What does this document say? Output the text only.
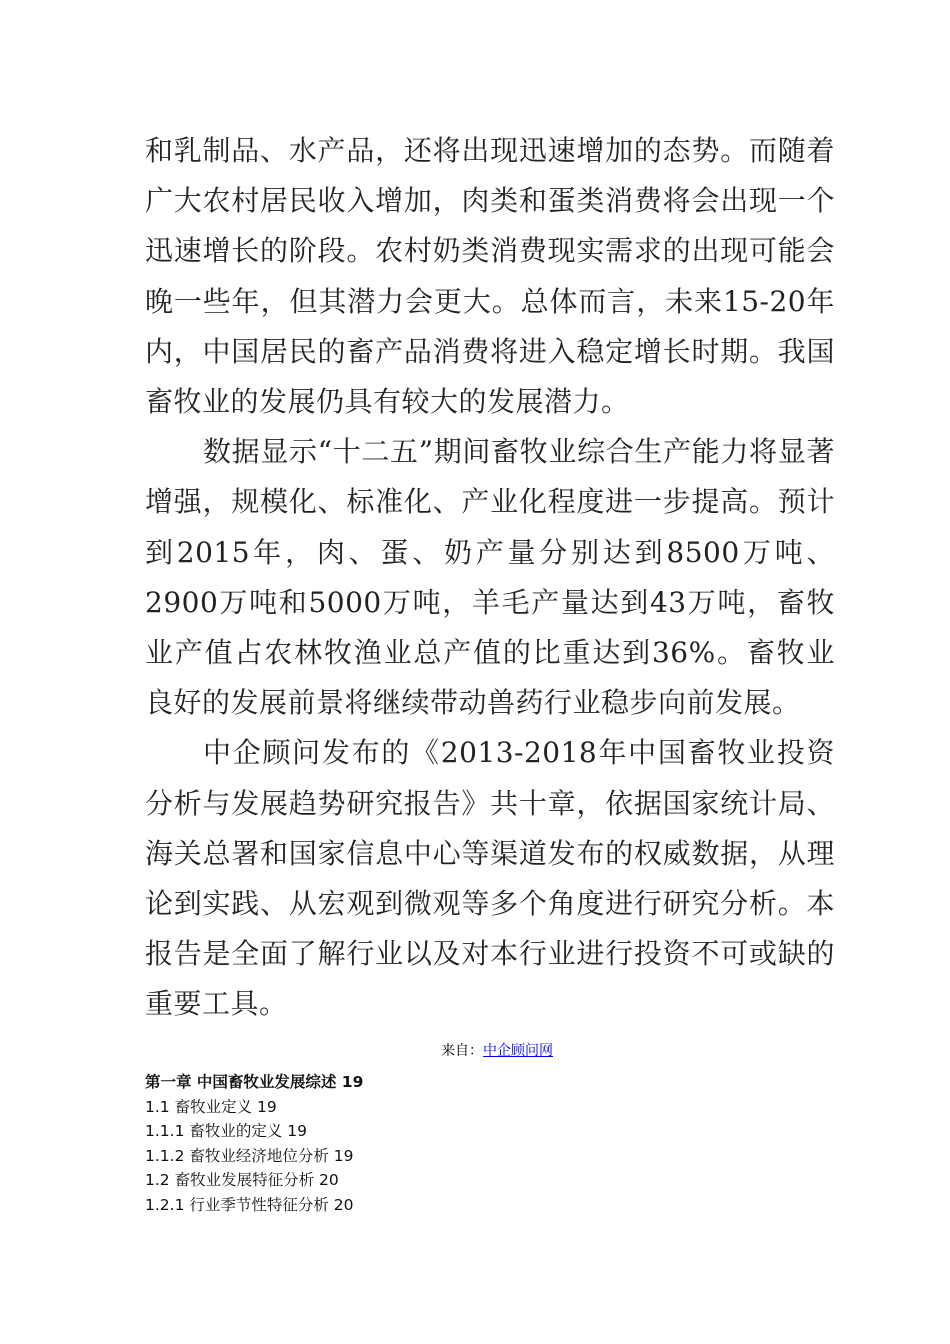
和乳制品、水产品，还将出现迅速增加的态势。而随着广大农村居民收入增加，肉类和蛋类消费将会出现一个迅速增长的阶段。农村奶类消费现实需求的出现可能会晚一些年，但其潜力会更大。总体而言，未来15-20年内，中国居民的畜产品消费将进入稳定增长时期。我国畜牧业的发展仍具有较大的发展潜力。

数据显示“十二五”期间畜牧业综合生产能力将显著增强，规模化、标准化、产业化程度进一步提高。预计到2015年，肉、蛋、奶产量分别达到8500万吨、2900万吨和5000万吨，羊毛产量达到43万吨，畜牧业产值占农林牧渔业总产值的比重达到36%。畜牧业良好的发展前景将继续带动兽药行业稳步向前发展。

中企顾问发布的《2013-2018年中国畜牧业投资分析与发展趋势研究报告》共十章，依据国家统计局、海关总署和国家信息中心等渠道发布的权威数据，从理论到实践、从宏观到微观等多个角度进行研究分析。本报告是全面了解行业以及对本行业进行投资不可或缺的重要工具。

来自：中企顾问网
第一章 中国畜牧业发展综述 19
1.1 畜牧业定义 19
1.1.1 畜牧业的定义 19
1.1.2 畜牧业经济地位分析 19
1.2 畜牧业发展特征分析 20
1.2.1 行业季节性特征分析 20
